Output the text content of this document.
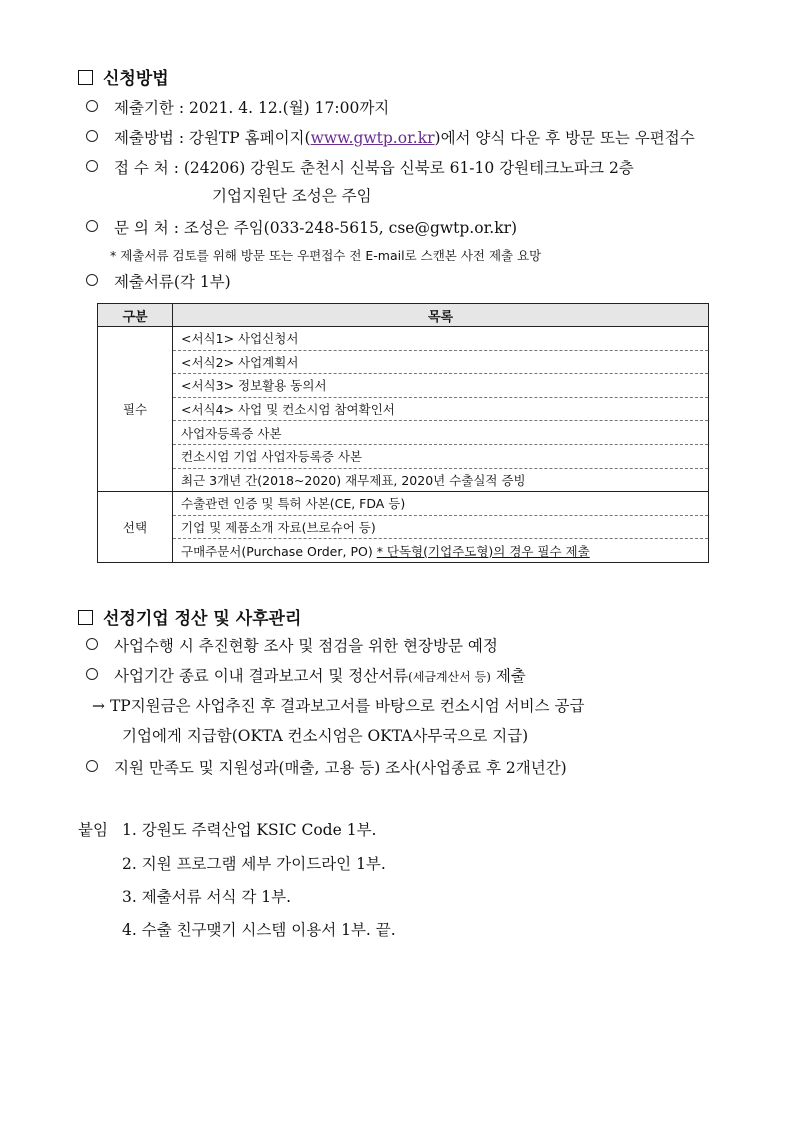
신청방법
제출기한 : 2021. 4. 12.(월) 17:00까지
제출방법 : 강원TP 홈페이지(www.gwtp.or.kr)에서 양식 다운 후 방문 또는 우편접수
접 수 처 : (24206) 강원도 춘천시 신북읍 신북로 61-10 강원테크노파크 2층
기업지원단 조성은 주임
문 의 처 : 조성은 주임(033-248-5615, cse@gwtp.or.kr)
* 제출서류 검토를 위해 방문 또는 우편접수 전 E-mail로 스캔본 사전 제출 요망
제출서류(각 1부)
구분	목록
필수	<서식1> 사업신청서
	<서식2> 사업계획서
	<서식3> 정보활용 동의서
	<서식4> 사업 및 컨소시엄 참여확인서
	사업자등록증 사본
	컨소시엄 기업 사업자등록증 사본
	최근 3개년 간(2018~2020) 재무제표, 2020년 수출실적 증빙
선택	수출관련 인증 및 특허 사본(CE, FDA 등)
	기업 및 제품소개 자료(브로슈어 등)
	구매주문서(Purchase Order, PO) * 단독형(기업주도형)의 경우 필수 제출
선정기업 정산 및 사후관리
사업수행 시 추진현황 조사 및 점검을 위한 현장방문 예정
사업기간 종료 이내 결과보고서 및 정산서류(세금계산서 등) 제출
→ TP지원금은 사업추진 후 결과보고서를 바탕으로 컨소시엄 서비스 공급
기업에게 지급함(OKTA 컨소시엄은 OKTA사무국으로 지급)
지원 만족도 및 지원성과(매출, 고용 등) 조사(사업종료 후 2개년간)
붙임 1. 강원도 주력산업 KSIC Code 1부.
2. 지원 프로그램 세부 가이드라인 1부.
3. 제출서류 서식 각 1부.
4. 수출 친구맺기 시스템 이용서 1부. 끝.
